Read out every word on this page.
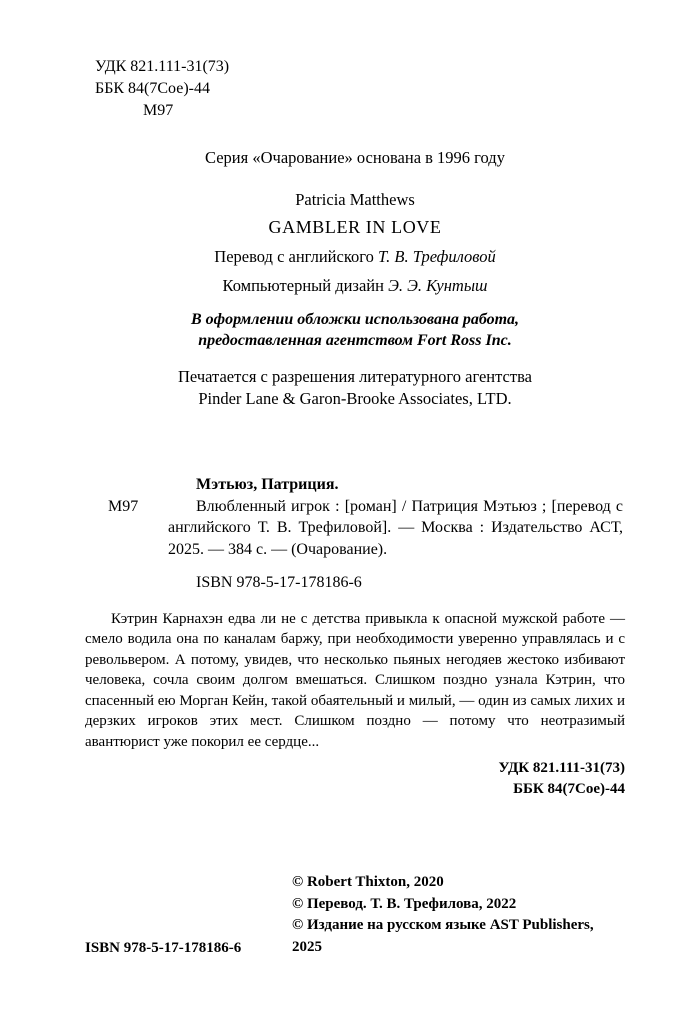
УДК 821.111-31(73)
ББК 84(7Сое)-44
М97
Серия «Очарование» основана в 1996 году
Patricia Matthews
GAMBLER IN LOVE
Перевод с английского Т. В. Трефиловой
Компьютерный дизайн Э. Э. Кунтыш
В оформлении обложки использована работа,
предоставленная агентством Fort Ross Inc.
Печатается с разрешения литературного агентства
Pinder Lane & Garon-Brooke Associates, LTD.
Мэтьюз, Патриция.
М97	Влюбленный игрок : [роман] / Патриция Мэтьюз ; [перевод с английского Т. В. Трефиловой]. — Москва : Издательство АСТ, 2025. — 384 с. — (Очарование).
ISBN 978-5-17-178186-6
Кэтрин Карнахэн едва ли не с детства привыкла к опасной мужской работе — смело водила она по каналам баржу, при необходимости уверенно управлялась и с револьвером. А потому, увидев, что несколько пьяных негодяев жестоко избивают человека, сочла своим долгом вмешаться. Слишком поздно узнала Кэтрин, что спасенный ею Морган Кейн, такой обаятельный и милый, — один из самых лихих и дерзких игроков этих мест. Слишком поздно — потому что неотразимый авантюрист уже покорил ее сердце...
УДК 821.111-31(73)
ББК 84(7Сое)-44
ISBN 978-5-17-178186-6
© Robert Thixton, 2020
© Перевод. Т. В. Трефилова, 2022
© Издание на русском языке AST Publishers, 2025
